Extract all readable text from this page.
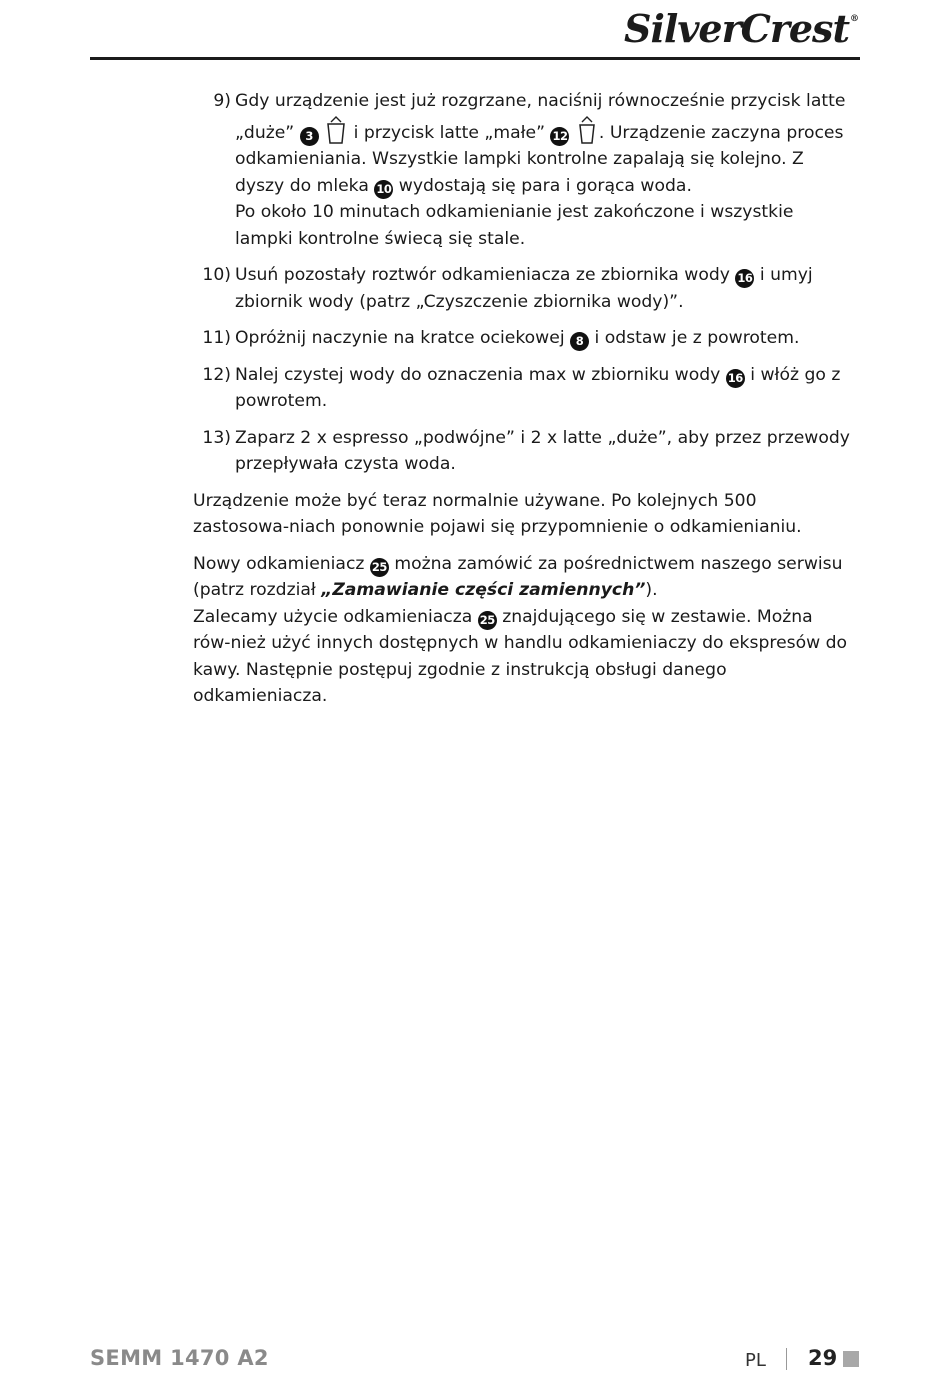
SilverCrest®
9) Gdy urządzenie jest już rozgrzane, naciśnij równocześnie przycisk latte „duże” 3  i przycisk latte „małe” 12 . Urządzenie zaczyna proces odkamieniania. Wszystkie lampki kontrolne zapalają się kolejno. Z dyszy do mleka 10 wydostają się para i gorąca woda.
Po około 10 minutach odkamienianie jest zakończone i wszystkie lampki kontrolne świecą się stale.
10) Usuń pozostały roztwór odkamieniacza ze zbiornika wody 16 i umyj zbiornik wody (patrz „Czyszczenie zbiornika wody)”.
11) Opróżnij naczynie na kratce ociekowej 8 i odstaw je z powrotem.
12) Nalej czystej wody do oznaczenia max w zbiorniku wody 16 i włóż go z powrotem.
13) Zaparz 2 x espresso „podwójne” i 2 x latte „duże”, aby przez przewody przepływała czysta woda.

Urządzenie może być teraz normalnie używane. Po kolejnych 500 zastosowa-niach ponownie pojawi się przypomnienie o odkamienianiu.

Nowy odkamieniacz 25 można zamówić za pośrednictwem naszego serwisu (patrz rozdział „Zamawianie części zamiennych”).

Zalecamy użycie odkamieniacza 25 znajdującego się w zestawie. Można rów-nież użyć innych dostępnych w handlu odkamieniaczy do ekspresów do kawy. Następnie postępuj zgodnie z instrukcją obsługi danego odkamieniacza.

SEMM 1470 A2	PL 29
